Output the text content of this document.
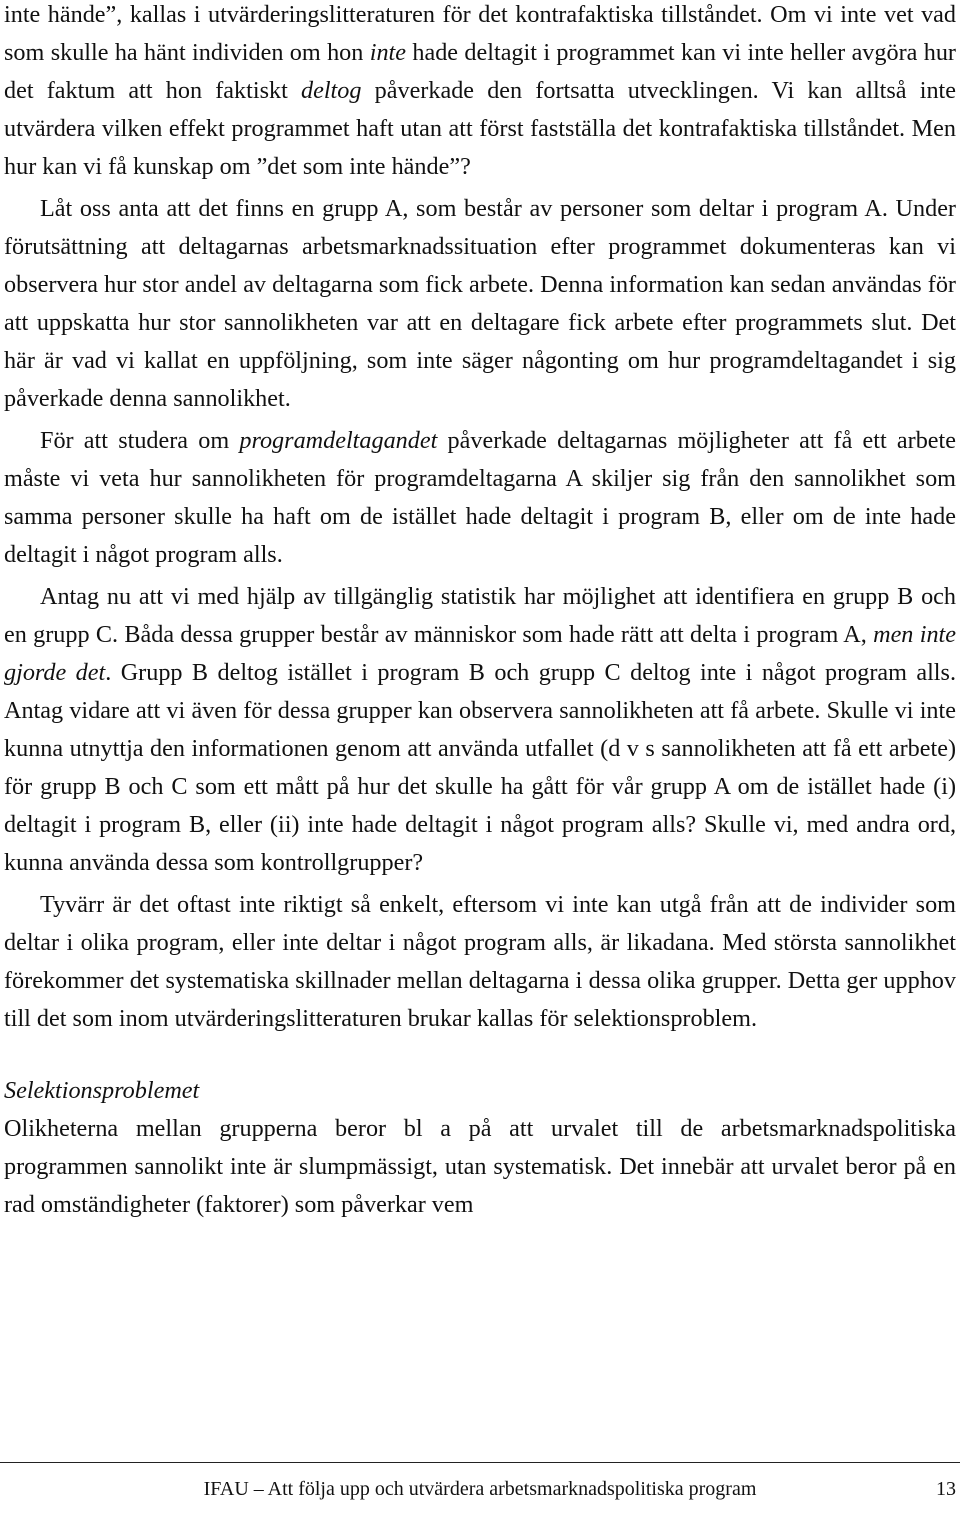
inte hände”, kallas i utvärderingslitteraturen för det kontrafaktiska tillståndet. Om vi inte vet vad som skulle ha hänt individen om hon inte hade deltagit i programmet kan vi inte heller avgöra hur det faktum att hon faktiskt deltog påverkade den fortsatta utvecklingen. Vi kan alltså inte utvärdera vilken effekt programmet haft utan att först fastställa det kontrafaktiska tillståndet. Men hur kan vi få kunskap om ”det som inte hände”?

Låt oss anta att det finns en grupp A, som består av personer som deltar i program A. Under förutsättning att deltagarnas arbetsmarknadssituation efter programmet dokumenteras kan vi observera hur stor andel av deltagarna som fick arbete. Denna information kan sedan användas för att uppskatta hur stor sannolikheten var att en deltagare fick arbete efter programmets slut. Det här är vad vi kallat en uppföljning, som inte säger någonting om hur programdeltagandet i sig påverkade denna sannolikhet.

För att studera om programdeltagandet påverkade deltagarnas möjligheter att få ett arbete måste vi veta hur sannolikheten för programdeltagarna A skiljer sig från den sannolikhet som samma personer skulle ha haft om de istället hade deltagit i program B, eller om de inte hade deltagit i något program alls.

Antag nu att vi med hjälp av tillgänglig statistik har möjlighet att identifiera en grupp B och en grupp C. Båda dessa grupper består av människor som hade rätt att delta i program A, men inte gjorde det. Grupp B deltog istället i program B och grupp C deltog inte i något program alls. Antag vidare att vi även för dessa grupper kan observera sannolikheten att få arbete. Skulle vi inte kunna utnyttja den informationen genom att använda utfallet (d v s sannolikheten att få ett arbete) för grupp B och C som ett mått på hur det skulle ha gått för vår grupp A om de istället hade (i) deltagit i program B, eller (ii) inte hade deltagit i något program alls? Skulle vi, med andra ord, kunna använda dessa som kontrollgrupper?

Tyvärr är det oftast inte riktigt så enkelt, eftersom vi inte kan utgå från att de individer som deltar i olika program, eller inte deltar i något program alls, är likadana. Med största sannolikhet förekommer det systematiska skillnader mellan deltagarna i dessa olika grupper. Detta ger upphov till det som inom utvärderingslitteraturen brukar kallas för selektionsproblem.

Selektionsproblemet

Olikheterna mellan grupperna beror bl a på att urvalet till de arbetsmarknadspolitiska programmen sannolikt inte är slumpmässigt, utan systematisk. Det innebär att urvalet beror på en rad omständigheter (faktorer) som påverkar vem

IFAU – Att följa upp och utvärdera arbetsmarknadspolitiska program	13
